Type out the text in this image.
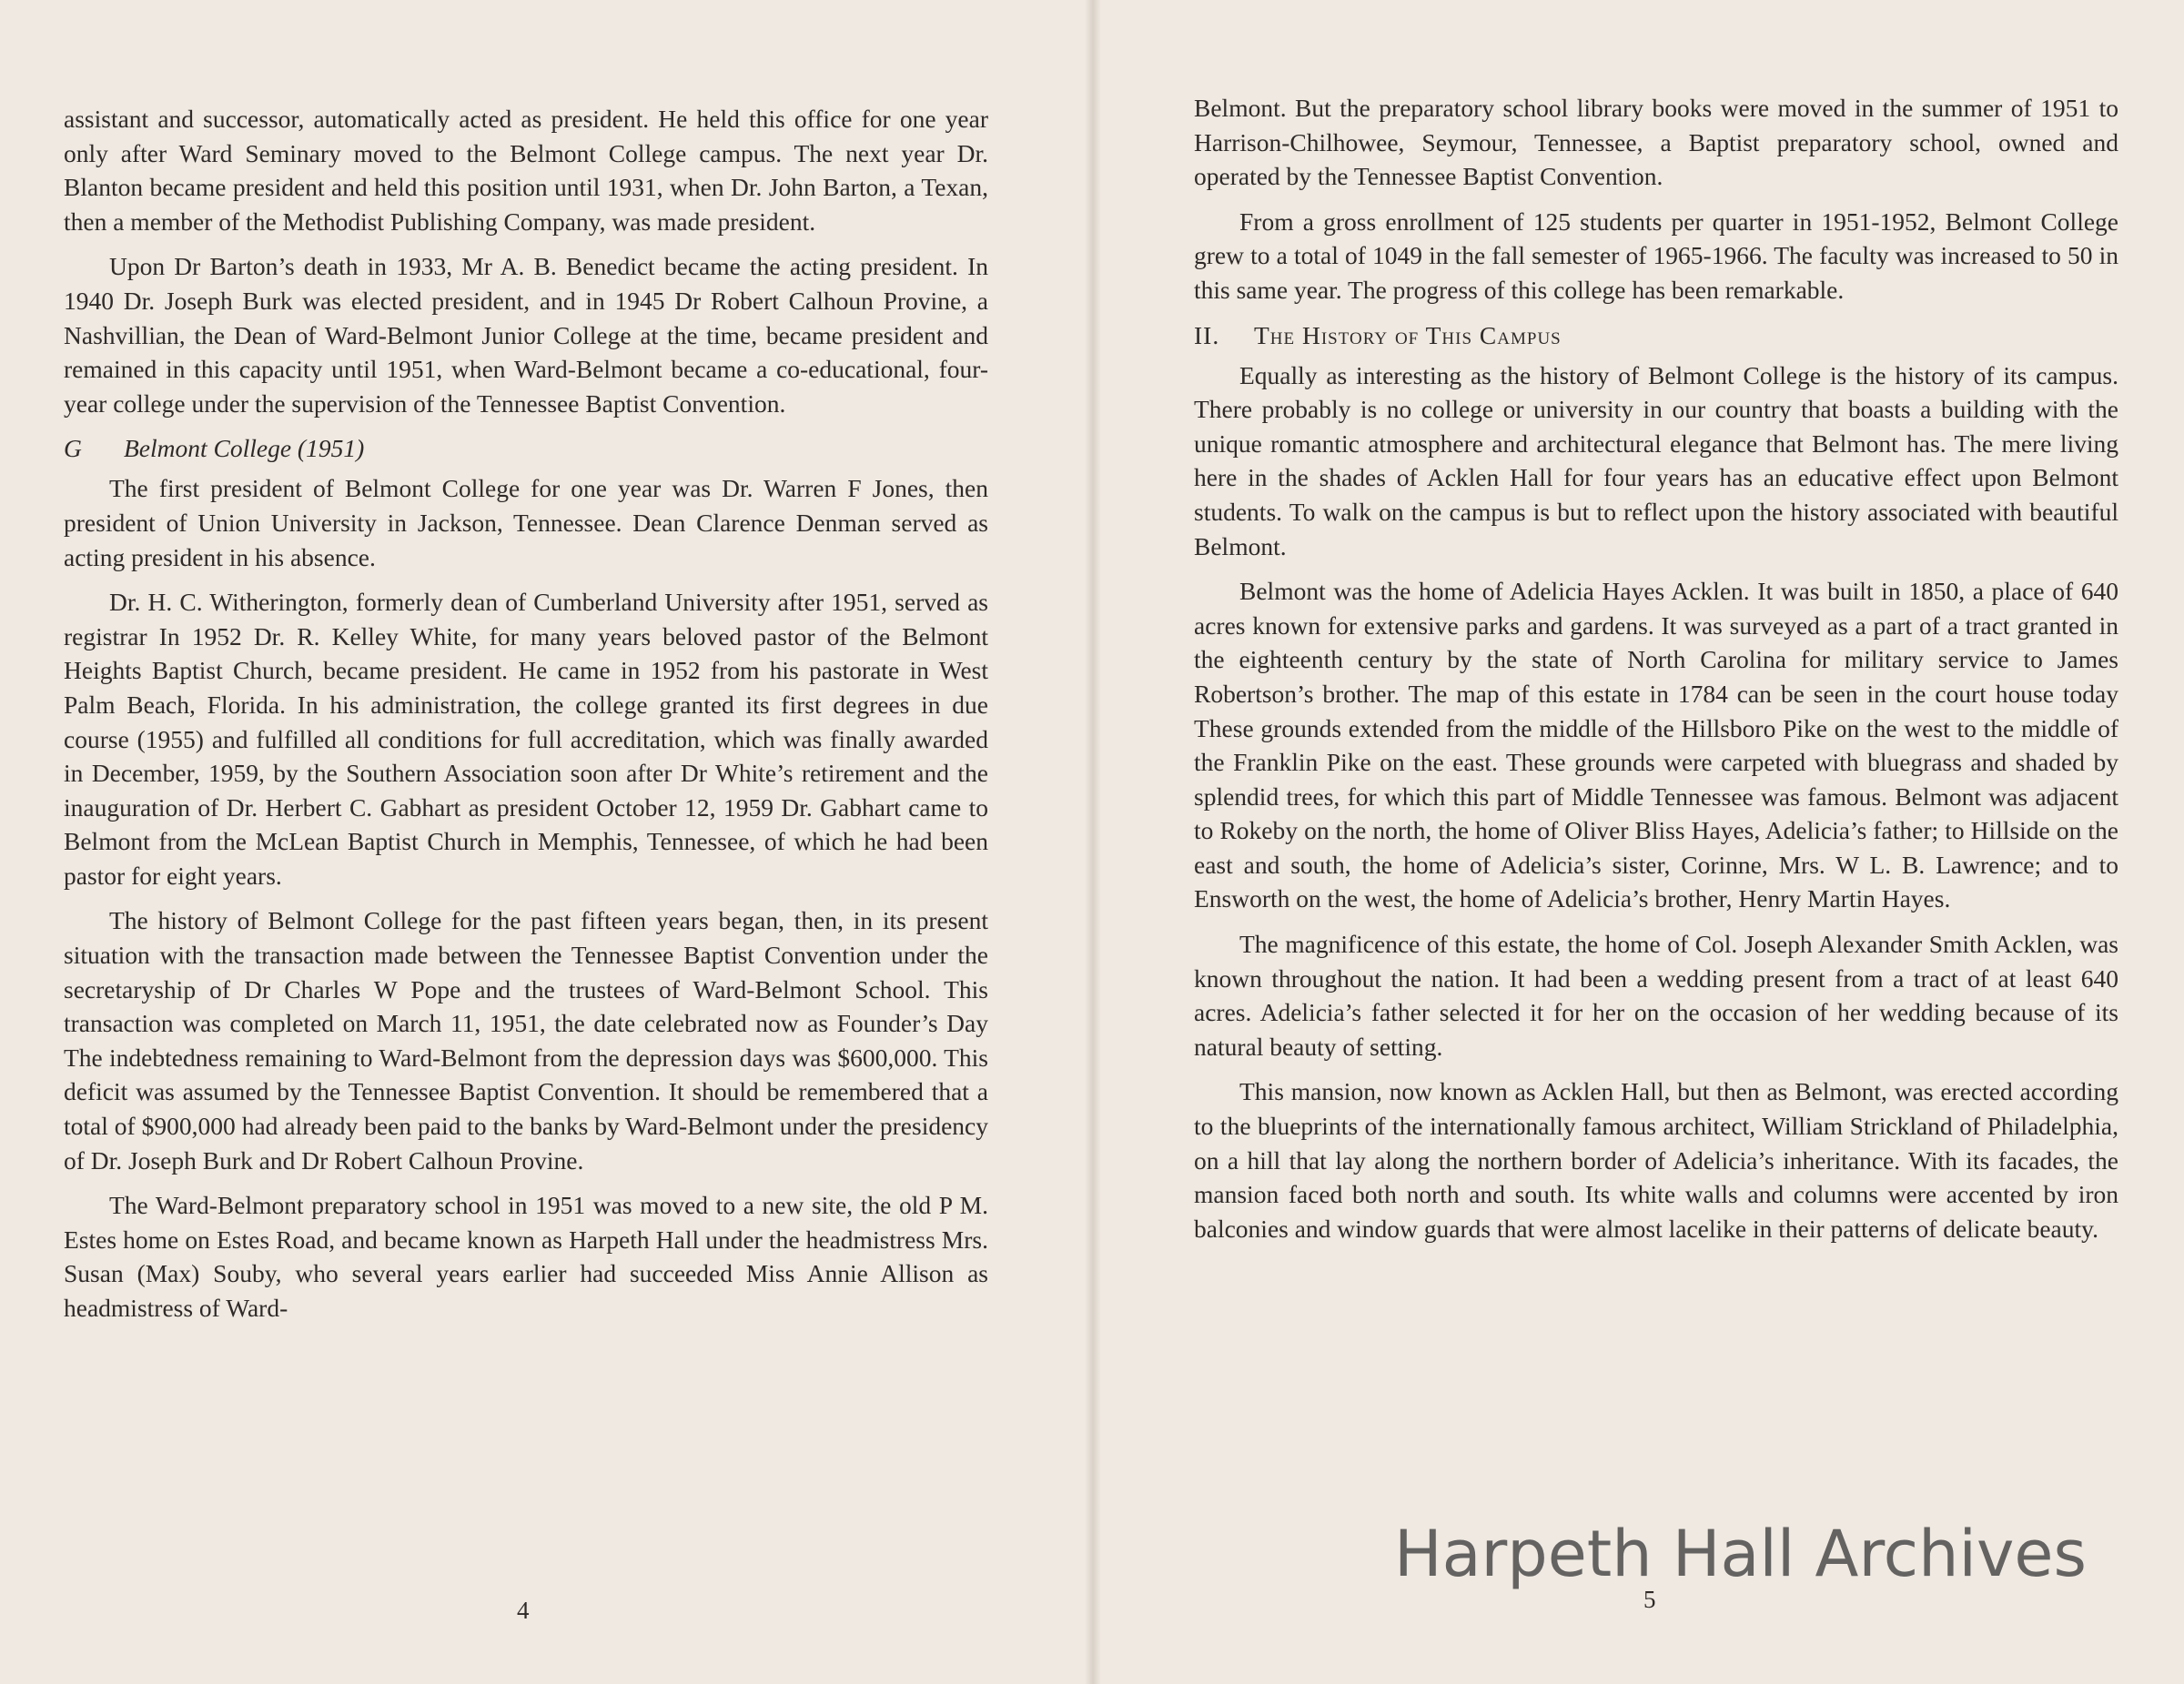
assistant and successor, automatically acted as president. He held this office for one year only after Ward Seminary moved to the Belmont College campus. The next year Dr. Blanton became president and held this position until 1931, when Dr. John Barton, a Texan, then a member of the Methodist Publishing Company, was made president.

Upon Dr Barton’s death in 1933, Mr A. B. Benedict became the acting president. In 1940 Dr. Joseph Burk was elected president, and in 1945 Dr Robert Calhoun Provine, a Nashvillian, the Dean of Ward-Belmont Junior College at the time, became president and remained in this capacity until 1951, when Ward-Belmont became a co-educational, four-year college under the supervision of the Tennessee Baptist Convention.

G Belmont College (1951)

The first president of Belmont College for one year was Dr. Warren F Jones, then president of Union University in Jackson, Tennessee. Dean Clarence Denman served as acting president in his absence.

Dr. H. C. Witherington, formerly dean of Cumberland University after 1951, served as registrar In 1952 Dr. R. Kelley White, for many years beloved pastor of the Belmont Heights Baptist Church, became president. He came in 1952 from his pastorate in West Palm Beach, Florida. In his administration, the college granted its first degrees in due course (1955) and fulfilled all conditions for full accreditation, which was finally awarded in December, 1959, by the Southern Association soon after Dr White’s retirement and the inauguration of Dr. Herbert C. Gabhart as president October 12, 1959 Dr. Gabhart came to Belmont from the McLean Baptist Church in Memphis, Tennessee, of which he had been pastor for eight years.

The history of Belmont College for the past fifteen years began, then, in its present situation with the transaction made between the Tennessee Baptist Convention under the secretaryship of Dr Charles W Pope and the trustees of Ward-Belmont School. This transaction was completed on March 11, 1951, the date celebrated now as Founder’s Day The indebtedness remaining to Ward-Belmont from the depression days was $600,000. This deficit was assumed by the Tennessee Baptist Convention. It should be remembered that a total of $900,000 had already been paid to the banks by Ward-Belmont under the presidency of Dr. Joseph Burk and Dr Robert Calhoun Provine.

The Ward-Belmont preparatory school in 1951 was moved to a new site, the old P M. Estes home on Estes Road, and became known as Harpeth Hall under the headmistress Mrs. Susan (Max) Souby, who several years earlier had succeeded Miss Annie Allison as headmistress of Ward-

4

Belmont. But the preparatory school library books were moved in the summer of 1951 to Harrison-Chilhowee, Seymour, Tennessee, a Baptist preparatory school, owned and operated by the Tennessee Baptist Convention.

From a gross enrollment of 125 students per quarter in 1951-1952, Belmont College grew to a total of 1049 in the fall semester of 1965-1966. The faculty was increased to 50 in this same year. The progress of this college has been remarkable.

II. The History of This Campus

Equally as interesting as the history of Belmont College is the history of its campus. There probably is no college or university in our country that boasts a building with the unique romantic atmosphere and architectural elegance that Belmont has. The mere living here in the shades of Acklen Hall for four years has an educative effect upon Belmont students. To walk on the campus is but to reflect upon the history associated with beautiful Belmont.

Belmont was the home of Adelicia Hayes Acklen. It was built in 1850, a place of 640 acres known for extensive parks and gardens. It was surveyed as a part of a tract granted in the eighteenth century by the state of North Carolina for military service to James Robertson’s brother. The map of this estate in 1784 can be seen in the court house today These grounds extended from the middle of the Hillsboro Pike on the west to the middle of the Franklin Pike on the east. These grounds were carpeted with bluegrass and shaded by splendid trees, for which this part of Middle Tennessee was famous. Belmont was adjacent to Rokeby on the north, the home of Oliver Bliss Hayes, Adelicia’s father; to Hillside on the east and south, the home of Adelicia’s sister, Corinne, Mrs. W L. B. Lawrence; and to Ensworth on the west, the home of Adelicia’s brother, Henry Martin Hayes.

The magnificence of this estate, the home of Col. Joseph Alexander Smith Acklen, was known throughout the nation. It had been a wedding present from a tract of at least 640 acres. Adelicia’s father selected it for her on the occasion of her wedding because of its natural beauty of setting.

This mansion, now known as Acklen Hall, but then as Belmont, was erected according to the blueprints of the internationally famous architect, William Strickland of Philadelphia, on a hill that lay along the northern border of Adelicia’s inheritance. With its facades, the mansion faced both north and south. Its white walls and columns were accented by iron balconies and window guards that were almost lacelike in their patterns of delicate beauty.

5
Harpeth Hall Archives
